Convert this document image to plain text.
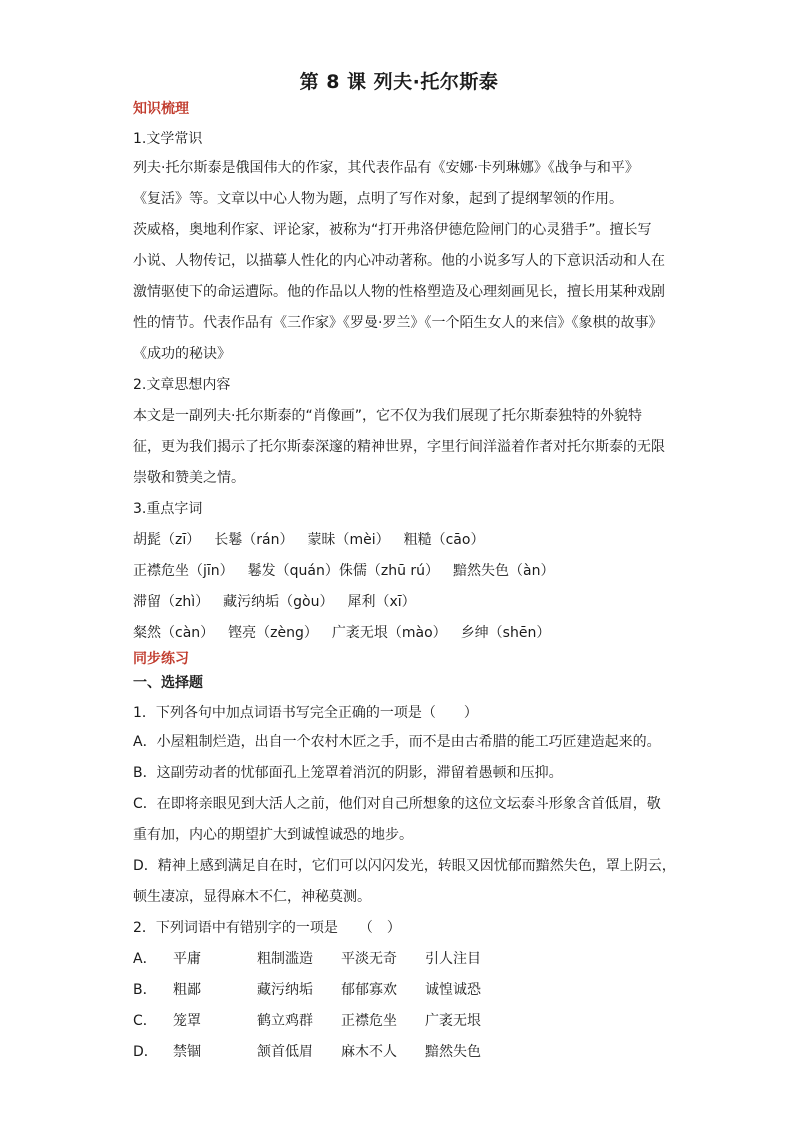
第 8 课 列夫·托尔斯泰
知识梳理
1.文学常识
列夫·托尔斯泰是俄国伟大的作家，其代表作品有《安娜·卡列琳娜》《战争与和平》
《复活》等。文章以中心人物为题，点明了写作对象，起到了提纲挈领的作用。
茨威格，奥地利作家、评论家，被称为“打开弗洛伊德危险闸门的心灵猎手”。擅长写
小说、人物传记，以描摹人性化的内心冲动著称。他的小说多写人的下意识活动和人在
激情驱使下的命运遭际。他的作品以人物的性格塑造及心理刻画见长，擅长用某种戏剧
性的情节。代表作品有《三作家》《罗曼·罗兰》《一个陌生女人的来信》《象棋的故事》
《成功的秘诀》
2.文章思想内容
本文是一副列夫·托尔斯泰的“肖像画”，它不仅为我们展现了托尔斯泰独特的外貌特
征，更为我们揭示了托尔斯泰深邃的精神世界，字里行间洋溢着作者对托尔斯泰的无限
崇敬和赞美之情。
3.重点字词
胡髭（zī） 长鬈（rán） 蒙昧（mèi） 粗糙（cāo）
正襟危坐（jīn） 鬈发（quán）侏儒（zhū rú） 黯然失色（àn）
滞留（zhì） 藏污纳垢（gòu） 犀利（xī）
粲然（càn） 铿亮（zèng） 广袤无垠（mào） 乡绅（shēn）
同步练习
一、选择题
1．下列各句中加点词语书写完全正确的一项是（　　）
A．小屋粗制烂造，出自一个农村木匠之手，而不是由古希腊的能工巧匠建造起来的。
B．这副劳动者的忧郁面孔上笼罩着消沉的阴影，滞留着愚顿和压抑。
C．在即将亲眼见到大活人之前，他们对自己所想象的这位文坛泰斗形象含首低眉，敬
重有加，内心的期望扩大到诚惶诚恐的地步。
D．精神上感到满足自在时，它们可以闪闪发光，转眼又因忧郁而黯然失色，罩上阴云，
顿生凄凉，显得麻木不仁，神秘莫测。
2．下列词语中有错别字的一项是　　（　）
A． 平庸	粗制滥造 平淡无奇 引人注目
B． 粗鄙	藏污纳垢 郁郁寡欢 诚惶诚恐
C． 笼罩	鹤立鸡群 正襟危坐 广袤无垠
D． 禁锢	颔首低眉 麻木不人 黯然失色
